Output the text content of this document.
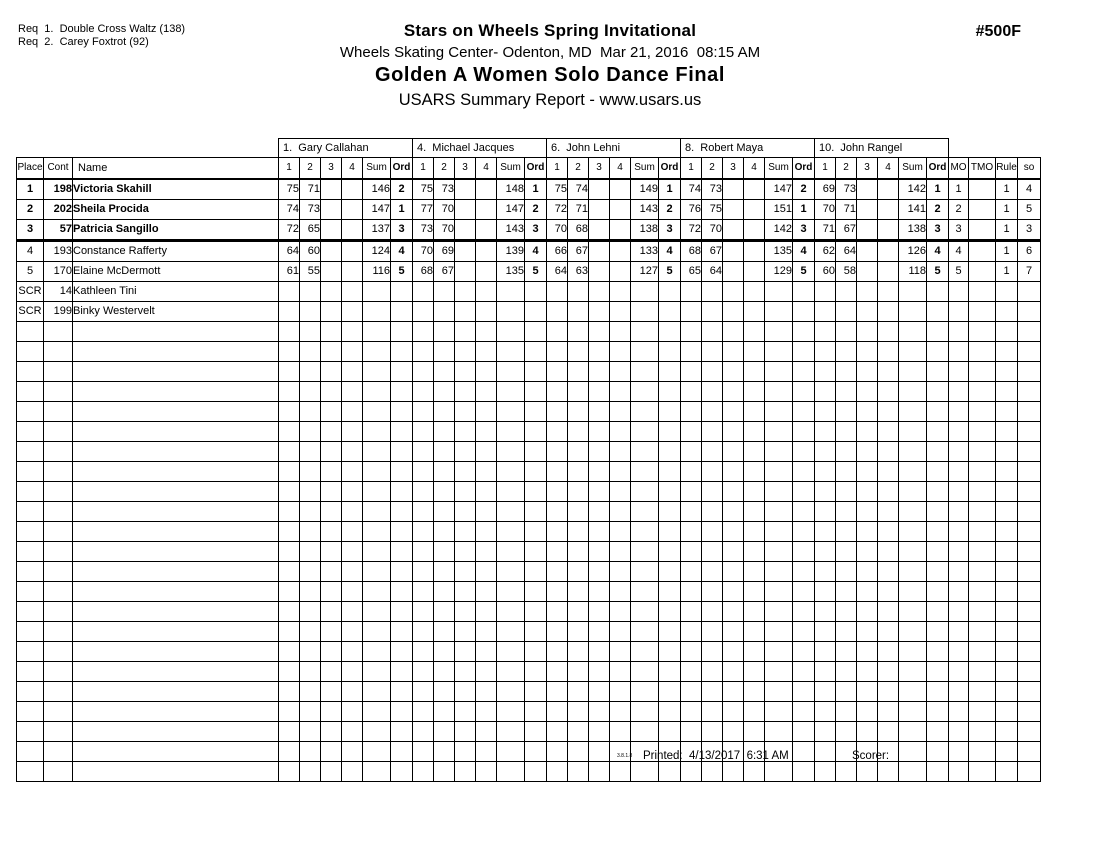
Req  1.  Double Cross Waltz (138)
Req  2.  Carey Foxtrot (92)
Stars on Wheels Spring Invitational
Wheels Skating Center- Odenton, MD  Mar 21, 2016  08:15 AM
Golden A Women Solo Dance Final
USARS Summary Report - www.usars.us
#500F
			1.  Gary Callahan						4.  Michael Jacques						6.  John Lehni						8.  Robert Maya						10.  John Rangel									
Place	Cont	Name	1	2	3	4	Sum	Ord	1	2	3	4	Sum	Ord	1	2	3	4	Sum	Ord	1	2	3	4	Sum	Ord	1	2	3	4	Sum	Ord	MO	TMO	Rule	so
1	198	Victoria Skahill	75	71			146	2	75	73			148	1	75	74			149	1	74	73			147	2	69	73			142	1	1		1	4
2	202	Sheila Procida	74	73			147	1	77	70			147	2	72	71			143	2	76	75			151	1	70	71			141	2	2		1	5
3	57	Patricia Sangillo	72	65			137	3	73	70			143	3	70	68			138	3	72	70			142	3	71	67			138	3	3		1	3
4	193	Constance Rafferty	64	60			124	4	70	69			139	4	66	67			133	4	68	67			135	4	62	64			126	4	4		1	6
5	170	Elaine McDermott	61	55			116	5	68	67			135	5	64	63			127	5	65	64			129	5	60	58			118	5	5		1	7
SCR	14	Kathleen Tini																																		
SCR	199	Binky Westervelt																																		

3.8.1.8 Printed:  4/13/2017  6:31 AM	Scorer:
